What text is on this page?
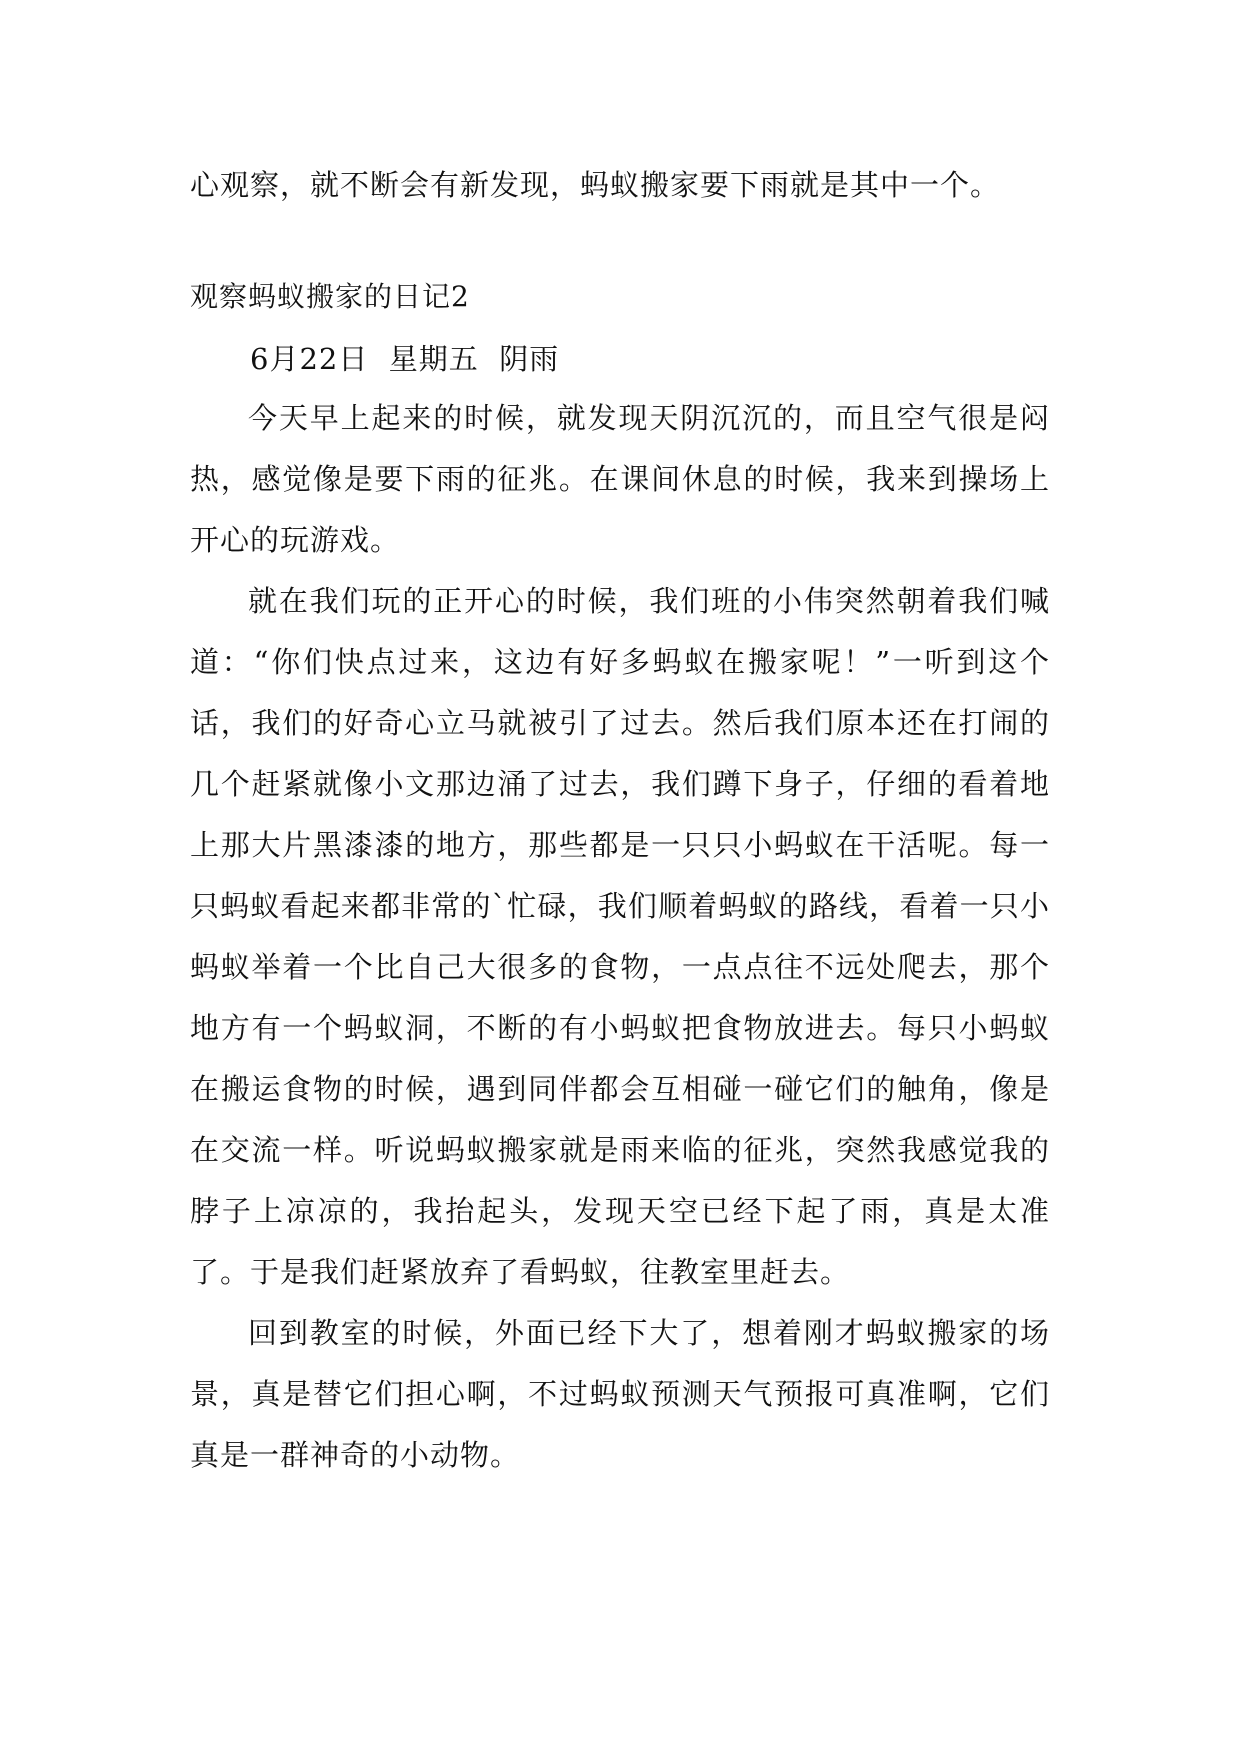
心观察，就不断会有新发现，蚂蚁搬家要下雨就是其中一个。
观察蚂蚁搬家的日记2
6月22日  星期五  阴雨

今天早上起来的时候，就发现天阴沉沉的，而且空气很是闷热，感觉像是要下雨的征兆。在课间休息的时候，我来到操场上开心的玩游戏。

就在我们玩的正开心的时候，我们班的小伟突然朝着我们喊道：“你们快点过来，这边有好多蚂蚁在搬家呢！”一听到这个话，我们的好奇心立马就被引了过去。然后我们原本还在打闹的几个赶紧就像小文那边涌了过去，我们蹲下身子，仔细的看着地上那大片黑漆漆的地方，那些都是一只只小蚂蚁在干活呢。每一只蚂蚁看起来都非常的`忙碌，我们顺着蚂蚁的路线，看着一只小蚂蚁举着一个比自己大很多的食物，一点点往不远处爬去，那个地方有一个蚂蚁洞，不断的有小蚂蚁把食物放进去。每只小蚂蚁在搬运食物的时候，遇到同伴都会互相碰一碰它们的触角，像是在交流一样。听说蚂蚁搬家就是雨来临的征兆，突然我感觉我的脖子上凉凉的，我抬起头，发现天空已经下起了雨，真是太准了。于是我们赶紧放弃了看蚂蚁，往教室里赶去。

回到教室的时候，外面已经下大了，想着刚才蚂蚁搬家的场景，真是替它们担心啊，不过蚂蚁预测天气预报可真准啊，它们真是一群神奇的小动物。
